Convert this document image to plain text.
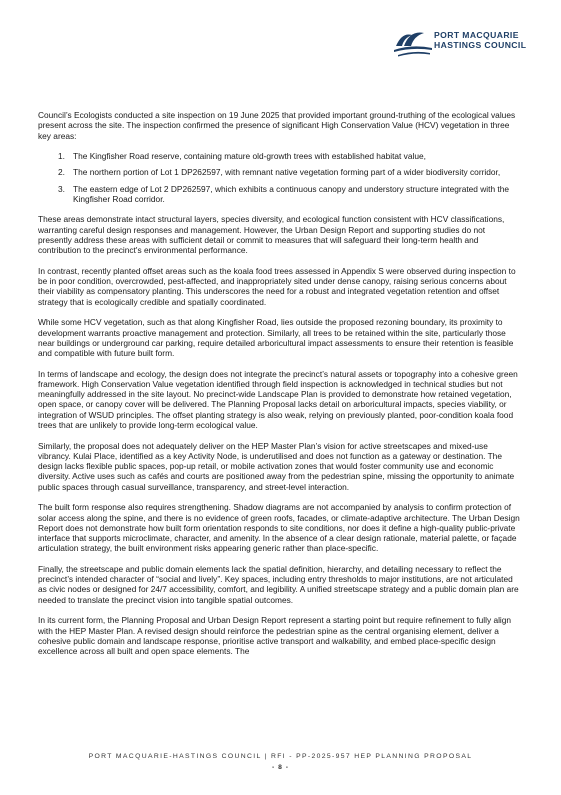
PORT MACQUARIE
HASTINGS COUNCIL

Council’s Ecologists conducted a site inspection on 19 June 2025 that provided important ground-truthing of the ecological values present across the site. The inspection confirmed the presence of significant High Conservation Value (HCV) vegetation in three key areas:

1. The Kingfisher Road reserve, containing mature old-growth trees with established habitat value,
2. The northern portion of Lot 1 DP262597, with remnant native vegetation forming part of a wider biodiversity corridor,
3. The eastern edge of Lot 2 DP262597, which exhibits a continuous canopy and understory structure integrated with the Kingfisher Road corridor.

These areas demonstrate intact structural layers, species diversity, and ecological function consistent with HCV classifications, warranting careful design responses and management. However, the Urban Design Report and supporting studies do not presently address these areas with sufficient detail or commit to measures that will safeguard their long-term health and contribution to the precinct's environmental performance.

In contrast, recently planted offset areas such as the koala food trees assessed in Appendix S were observed during inspection to be in poor condition, overcrowded, pest-affected, and inappropriately sited under dense canopy, raising serious concerns about their viability as compensatory planting. This underscores the need for a robust and integrated vegetation retention and offset strategy that is ecologically credible and spatially coordinated.

While some HCV vegetation, such as that along Kingfisher Road, lies outside the proposed rezoning boundary, its proximity to development warrants proactive management and protection. Similarly, all trees to be retained within the site, particularly those near buildings or underground car parking, require detailed arboricultural impact assessments to ensure their retention is feasible and compatible with future built form.

In terms of landscape and ecology, the design does not integrate the precinct’s natural assets or topography into a cohesive green framework. High Conservation Value vegetation identified through field inspection is acknowledged in technical studies but not meaningfully addressed in the site layout. No precinct-wide Landscape Plan is provided to demonstrate how retained vegetation, open space, or canopy cover will be delivered. The Planning Proposal lacks detail on arboricultural impacts, species viability, or integration of WSUD principles. The offset planting strategy is also weak, relying on previously planted, poor-condition koala food trees that are unlikely to provide long-term ecological value.

Similarly, the proposal does not adequately deliver on the HEP Master Plan’s vision for active streetscapes and mixed-use vibrancy. Kulai Place, identified as a key Activity Node, is underutilised and does not function as a gateway or destination. The design lacks flexible public spaces, pop-up retail, or mobile activation zones that would foster community use and economic diversity. Active uses such as cafés and courts are positioned away from the pedestrian spine, missing the opportunity to animate public spaces through casual surveillance, transparency, and street-level interaction.

The built form response also requires strengthening. Shadow diagrams are not accompanied by analysis to confirm protection of solar access along the spine, and there is no evidence of green roofs, facades, or climate-adaptive architecture. The Urban Design Report does not demonstrate how built form orientation responds to site conditions, nor does it define a high-quality public-private interface that supports microclimate, character, and amenity. In the absence of a clear design rationale, material palette, or façade articulation strategy, the built environment risks appearing generic rather than place-specific.

Finally, the streetscape and public domain elements lack the spatial definition, hierarchy, and detailing necessary to reflect the precinct’s intended character of “social and lively”. Key spaces, including entry thresholds to major institutions, are not articulated as civic nodes or designed for 24/7 accessibility, comfort, and legibility. A unified streetscape strategy and a public domain plan are needed to translate the precinct vision into tangible spatial outcomes.

In its current form, the Planning Proposal and Urban Design Report represent a starting point but require refinement to fully align with the HEP Master Plan. A revised design should reinforce the pedestrian spine as the central organising element, deliver a cohesive public domain and landscape response, prioritise active transport and walkability, and embed place-specific design excellence across all built and open space elements. The

PORT MACQUARIE-HASTINGS COUNCIL | RFI - PP-2025-957 HEP PLANNING PROPOSAL
- 8 -
